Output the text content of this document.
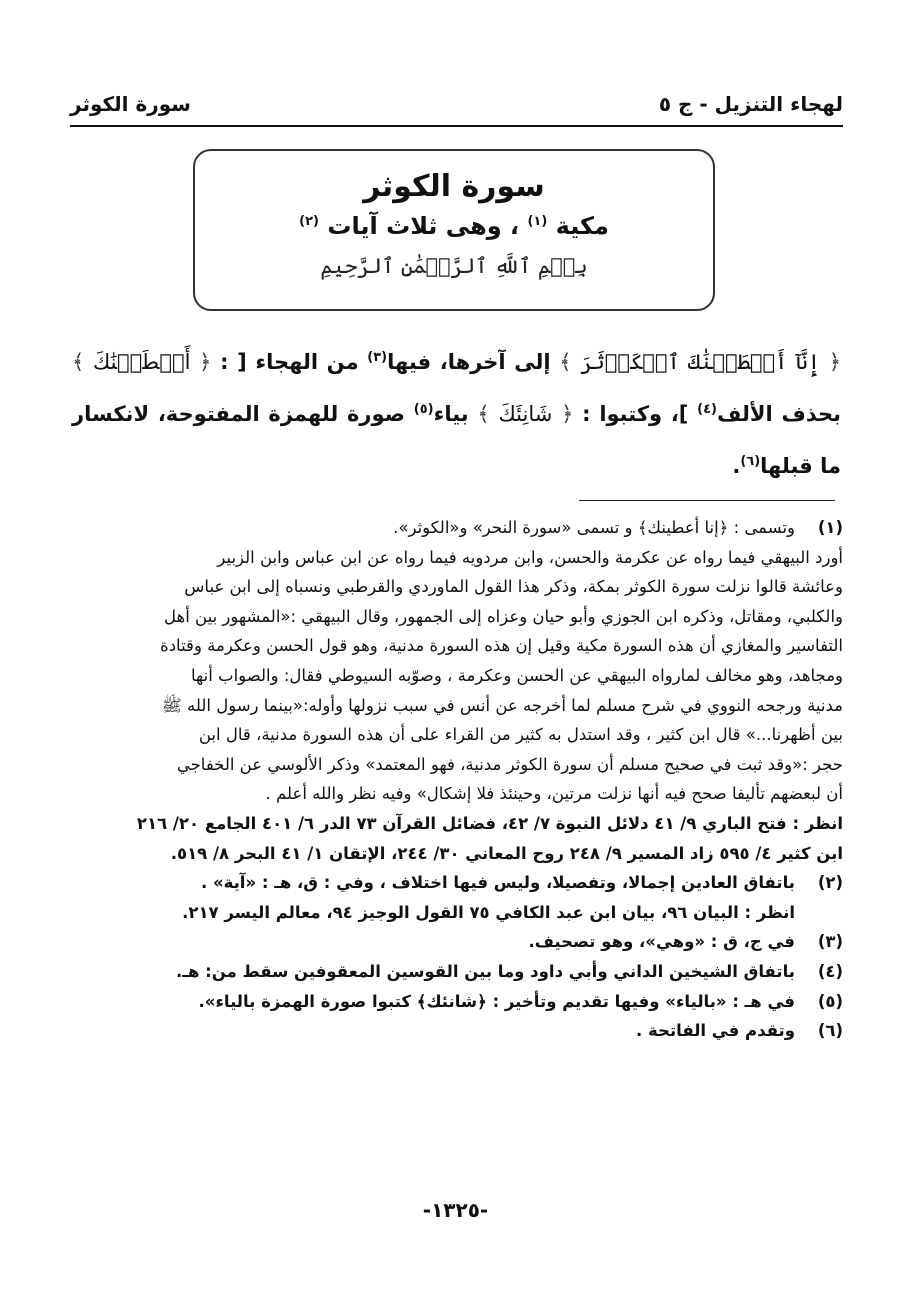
سورة الكوثر	لهجاء التنزيل - ج ٥
سورة الكوثر
مكية $^{(١)}$ ، وهى ثلاث آيات $^{(٢)}$
بِسۡمِ ٱللَّهِ ٱلرَّحۡمَٰنِ ٱلرَّحِيمِ
﴿ إِنَّآ أَعۡطَيۡنَٰكَ ٱلۡكَوۡثَرَ ﴾ إلى آخرها، فيها$^{(٣)}$ من الهجاء [ : ﴿ أَعۡطَيۡنَٰكَ ﴾ بحذف الألف$^{(٤)}$ ]، وكتبوا : ﴿ شَانِئَكَ ﴾ بياء$^{(٥)}$ صورة للهمزة المفتوحة، لانكسار ما قبلها$^{(٦)}$.
(١)
وتسمى : ﴿إنا أعطينك﴾ و تسمى «سورة النحر» و«الكوثر».
أورد البيهقي فيما رواه عن عكرمة والحسن، وابن مردويه فيما رواه عن ابن عباس وابن الزبير
وعائشة قالوا نزلت سورة الكوثر بمكة، وذكر هذا القول الماوردي والقرطبي ونسباه إلى ابن عباس
والكلبي، ومقاتل، وذكره ابن الجوزي وأبو حيان وعزاه إلى الجمهور، وقال البيهقي :«المشهور بين أهل
التفاسير والمغازي أن هذه السورة مكية وقيل إن هذه السورة مدنية، وهو قول الحسن وعكرمة وقتادة
ومجاهد، وهو مخالف لمارواه البيهقي عن الحسن وعكرمة ، وصوّبه السيوطي فقال: والصواب أنها
مدنية ورجحه النووي في شرح مسلم لما أخرجه عن أنس في سبب نزولها وأوله:«بينما رسول الله ﷺ
بين أظهرنا...» قال ابن كثير ، وقد استدل به كثير من القراء على أن هذه السورة مدنية، قال ابن
حجر :«وقد ثبت في صحيح مسلم أن سورة الكوثر مدنية، فهو المعتمد» وذكر الألوسي عن الخفاجي
أن لبعضهم تأليفا صحح فيه أنها نزلت مرتين، وحينئذ فلا إشكال» وفيه نظر والله أعلم .
انظر : فتح الباري ٩/ ٤١ دلائل النبوة ٧/ ٤٢، فضائل القرآن ٧٣ الدر ٦/ ٤٠١ الجامع ٢٠/ ٢١٦
ابن كثير ٤/ ٥٩٥ زاد المسير ٩/ ٢٤٨ روح المعاني ٣٠/ ٢٤٤، الإتقان ١/ ٤١ البحر ٨/ ٥١٩.
(٢)
باتفاق العادين إجمالا، وتفصيلا، وليس فيها اختلاف ، وفي : ق، هـ : «آية» .
انظر : البيان ٩٦، بيان ابن عبد الكافي ٧٥ القول الوجيز ٩٤، معالم اليسر ٢١٧.
(٣)
في ج، ق : «وهي»، وهو تصحيف.
(٤)
باتفاق الشيخين الداني وأبي داود وما بين القوسين المعقوفين سقط من: هـ.
(٥)
في هـ : «بالياء» وفيها تقديم وتأخير : ﴿شانئك﴾ كتبوا صورة الهمزة بالياء».
(٦)
وتقدم في الفاتحة .
-١٣٢٥-
